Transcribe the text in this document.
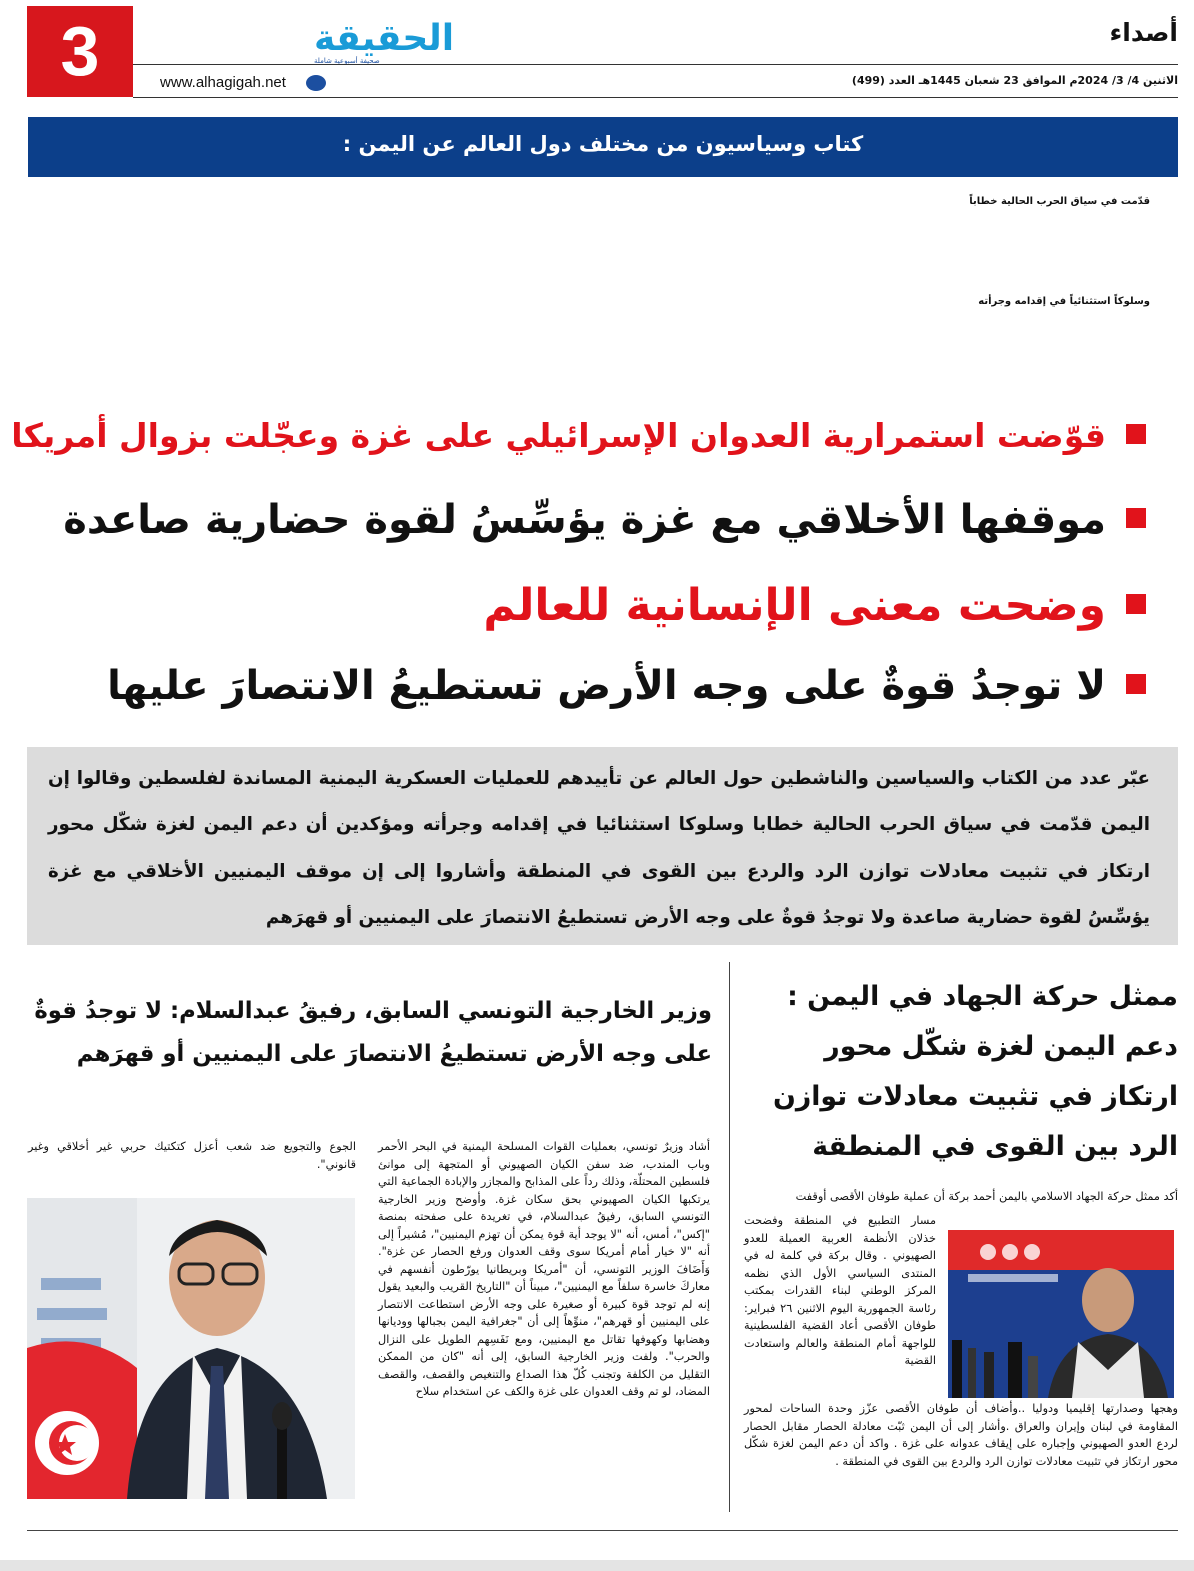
3	الحقيقة
صحيفة أسبوعية شاملة
www.alhagigah.net
أصداء
الاثنين 4/ 3/ 2024م الموافق 23 شعبان 1445هـ العدد (499)
كتاب وسياسيون من مختلف دول العالم عن اليمن :
قدّمت في سياق الحرب الحالية خطاباً
وسلوكاً استثنائياً في إقدامه وجرأته
قوّضت استمرارية العدوان الإسرائيلي على غزة وعجّلت بزوال أمريكا
موقفها الأخلاقي مع غزة يؤسِّسُ لقوة حضارية صاعدة
وضحت معنى الإنسانية للعالم
لا توجدُ قوةٌ على وجه الأرض تستطيعُ الانتصارَ عليها
عبّر عدد من الكتاب والسياسين والناشطين حول العالم عن تأييدهم للعمليات العسكرية اليمنية المساندة لفلسطين وقالوا إن اليمن قدّمت في سياق الحرب الحالية خطابا وسلوكا استثنائيا في إقدامه وجرأته ومؤكدين أن دعم اليمن لغزة شكّل محور ارتكاز في تثبيت معادلات توازن الرد والردع بين القوى في المنطقة وأشاروا إلى إن موقف اليمنيين الأخلاقي مع غزة يؤسِّسُ لقوة حضارية صاعدة ولا توجدُ قوةٌ على وجه الأرض تستطيعُ الانتصارَ على اليمنيين أو قهرَهم
ممثل حركة الجهاد في اليمن : دعم اليمن لغزة شكّل محور ارتكاز في تثبيت معادلات توازن الرد بين القوى في المنطقة
أكد ممثل حركة الجهاد الاسلامي باليمن أحمد بركة أن عملية طوفان الأقصى أوقفت
مسار التطبيع في المنطقة وفضحت خذلان الأنظمة العربية العميلة للعدو الصهيوني . وقال بركة في كلمة له في المنتدى السياسي الأول الذي نظمه المركز الوطني لبناء القدرات بمكتب رئاسة الجمهورية اليوم الاثنين ٢٦ فبراير: طوفان الأقصى أعاد القضية الفلسطينية للواجهة أمام المنطقة والعالم واستعادت القضية
وهجها وصدارتها إقليميا ودوليا ..وأضاف أن طوفان الأقصى عزّز وحدة الساحات لمحور المقاومة في لبنان وإيران والعراق .وأشار إلى أن اليمن ثبّت معادلة الحصار مقابل الحصار لردع العدو الصهيوني وإجباره على إيقاف عدوانه على غزة . واكد أن دعم اليمن لغزة شكّل محور ارتكاز في تثبيت معادلات توازن الرد والردع بين القوى في المنطقة .
وزير الخارجية التونسي السابق، رفيقُ عبدالسلام: لا توجدُ قوةٌ على وجه الأرض تستطيعُ الانتصارَ على اليمنيين أو قهرَهم
أشاد وزيرٌ تونسي، بعمليات القوات المسلحة اليمنية في البحر الأحمر وباب المندب، ضد سفن الكيان الصهيوني أو المتجهة إلى موانئ فلسطين المحتلّة، وذلك رداً على المذابح والمجازر والإبادة الجماعية التي يرتكبها الكيان الصهيوني بحق سكان غزة. وأوضح وزير الخارجية التونسي السابق، رفيقُ عبدالسلام، في تغريدة على صفحته بمنصة "إكس"، أمس، أنه "لا يوجد أية قوة يمكن أن تهزم اليمنيين"، مُشيراً إلى أنه "لا خيار أمام أمريكا سوى وقف العدوان ورفع الحصار عن غزة". وَأَضَافَ الوزير التونسي، أن "أمريكا وبريطانيا يورّطون أنفسهم في معاركَ خاسرة سلفاً مع اليمنيين"، مبيناً أن "التاريخ القريب والبعيد يقول إنه لم توجد قوة كبيرة أو صغيرة على وجه الأرض استطاعت الانتصار على اليمنيين أو قهرهم"، منوِّهاً إلى أن "جغرافية اليمن بجبالها ووديانها وهضابها وكهوفها تقاتل مع اليمنيين، ومع نَفَسِهم الطويل على النزال والحرب". ولفت وزير الخارجية السابق، إلى أنه "كان من الممكن التقليل من الكلفة وتجنب كُلّ هذا الصداع والتنغيص والقصف، والقصف المضاد، لو تم وقف العدوان على غزة والكف عن استخدام سلاح
الجوع والتجويع ضد شعب أعزل كتكتيك حربي غير أخلاقي وغير قانوني".
